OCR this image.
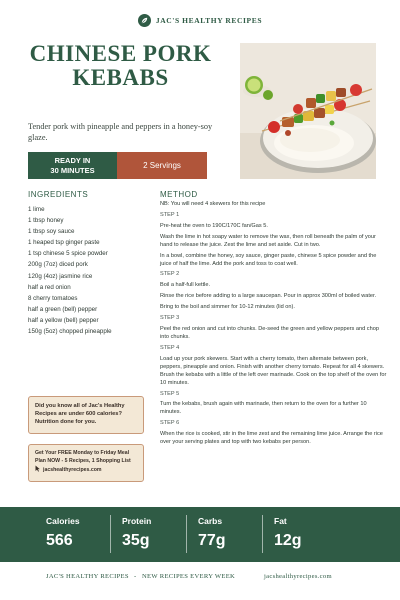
JAC'S HEALTHY RECIPES
CHINESE PORK KEBABS

Tender pork with pineapple and peppers in a honey-soy glaze.

READY IN
30 MINUTES	2 Servings
INGREDIENTS
1 lime
1 tbsp honey
1 tbsp soy sauce
1 heaped tsp ginger paste
1 tsp chinese 5 spice powder
200g (7oz) diced pork
120g (4oz) jasmine rice
half a red onion
8 cherry tomatoes
half a green (bell) pepper
half a yellow (bell) pepper
150g (5oz) chopped pineapple
METHOD

NB: You will need 4 skewers for this recipe

STEP 1

Pre-heat the oven to 190C/170C fan/Gas 5.

Wash the lime in hot soapy water to remove the wax, then roll beneath the palm of your hand to release the juice. Zest the lime and set aside. Cut in two.

In a bowl, combine the honey, soy sauce, ginger paste, chinese 5 spice powder and the juice of half the lime. Add the pork and toss to coat well.

STEP 2

Boil a half-full kettle.

Rinse the rice before adding to a large saucepan. Pour in approx 300ml of boiled water.

Bring to the boil and simmer for 10-12 minutes (lid on).

STEP 3

Peel the red onion and cut into chunks. De-seed the green and yellow peppers and chop into chunks.

STEP 4

Load up your pork skewers. Start with a cherry tomato, then alternate between pork, peppers, pineapple and onion. Finish with another cherry tomato. Repeat for all 4 skewers. Brush the kebabs with a little of the left over marinade. Cook on the top shelf of the oven for 10 minutes.

STEP 5

Turn the kebabs, brush again with marinade, then return to the oven for a further 10 minutes.

STEP 6

When the rice is cooked, stir in the lime zest and the remaining lime juice. Arrange the rice over your serving plates and top with two kebabs per person.

Did you know all of Jac's Healthy Recipes are under 600 calories? Nutrition done for you.
Get Your FREE Monday to Friday Meal
Plan NOW - 5 Recipes, 1 Shopping List
jacshealthyrecipes.com
Calories
566
Protein
35g
Carbs
77g
Fat
12g
JAC'S HEALTHY RECIPES - NEW RECIPES EVERY WEEK	jacshealthyrecipes.com
